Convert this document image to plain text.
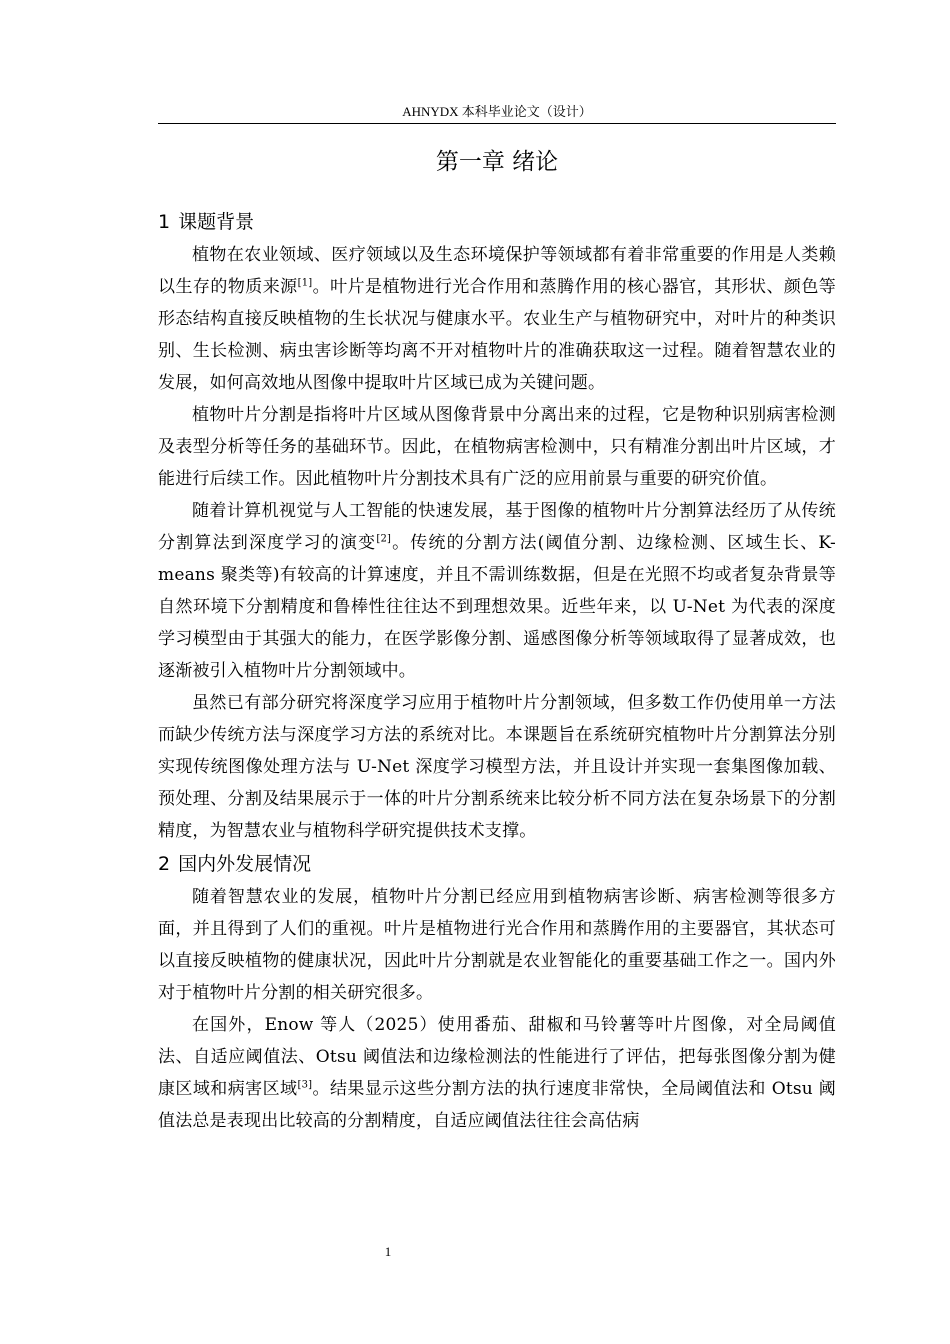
AHNYDX 本科毕业论文（设计）
第一章 绪论
1 课题背景

植物在农业领域、医疗领域以及生态环境保护等领域都有着非常重要的作用是人类赖以生存的物质来源[1]。叶片是植物进行光合作用和蒸腾作用的核心器官，其形状、颜色等形态结构直接反映植物的生长状况与健康水平。农业生产与植物研究中，对叶片的种类识别、生长检测、病虫害诊断等均离不开对植物叶片的准确获取这一过程。随着智慧农业的发展，如何高效地从图像中提取叶片区域已成为关键问题。

植物叶片分割是指将叶片区域从图像背景中分离出来的过程，它是物种识别病害检测及表型分析等任务的基础环节。因此，在植物病害检测中，只有精准分割出叶片区域，才能进行后续工作。因此植物叶片分割技术具有广泛的应用前景与重要的研究价值。

随着计算机视觉与人工智能的快速发展，基于图像的植物叶片分割算法经历了从传统分割算法到深度学习的演变[2]。传统的分割方法(阈值分割、边缘检测、区域生长、K-means 聚类等)有较高的计算速度，并且不需训练数据，但是在光照不均或者复杂背景等自然环境下分割精度和鲁棒性往往达不到理想效果。近些年来，以 U-Net 为代表的深度学习模型由于其强大的能力，在医学影像分割、遥感图像分析等领域取得了显著成效，也逐渐被引入植物叶片分割领域中。

虽然已有部分研究将深度学习应用于植物叶片分割领域，但多数工作仍使用单一方法而缺少传统方法与深度学习方法的系统对比。本课题旨在系统研究植物叶片分割算法分别实现传统图像处理方法与 U-Net 深度学习模型方法，并且设计并实现一套集图像加载、预处理、分割及结果展示于一体的叶片分割系统来比较分析不同方法在复杂场景下的分割精度，为智慧农业与植物科学研究提供技术支撑。

2 国内外发展情况

随着智慧农业的发展，植物叶片分割已经应用到植物病害诊断、病害检测等很多方面，并且得到了人们的重视。叶片是植物进行光合作用和蒸腾作用的主要器官，其状态可以直接反映植物的健康状况，因此叶片分割就是农业智能化的重要基础工作之一。国内外对于植物叶片分割的相关研究很多。

在国外，Enow 等人（2025）使用番茄、甜椒和马铃薯等叶片图像，对全局阈值法、自适应阈值法、Otsu 阈值法和边缘检测法的性能进行了评估，把每张图像分割为健康区域和病害区域[3]。结果显示这些分割方法的执行速度非常快，全局阈值法和 Otsu 阈值法总是表现出比较高的分割精度，自适应阈值法往往会高估病

1
